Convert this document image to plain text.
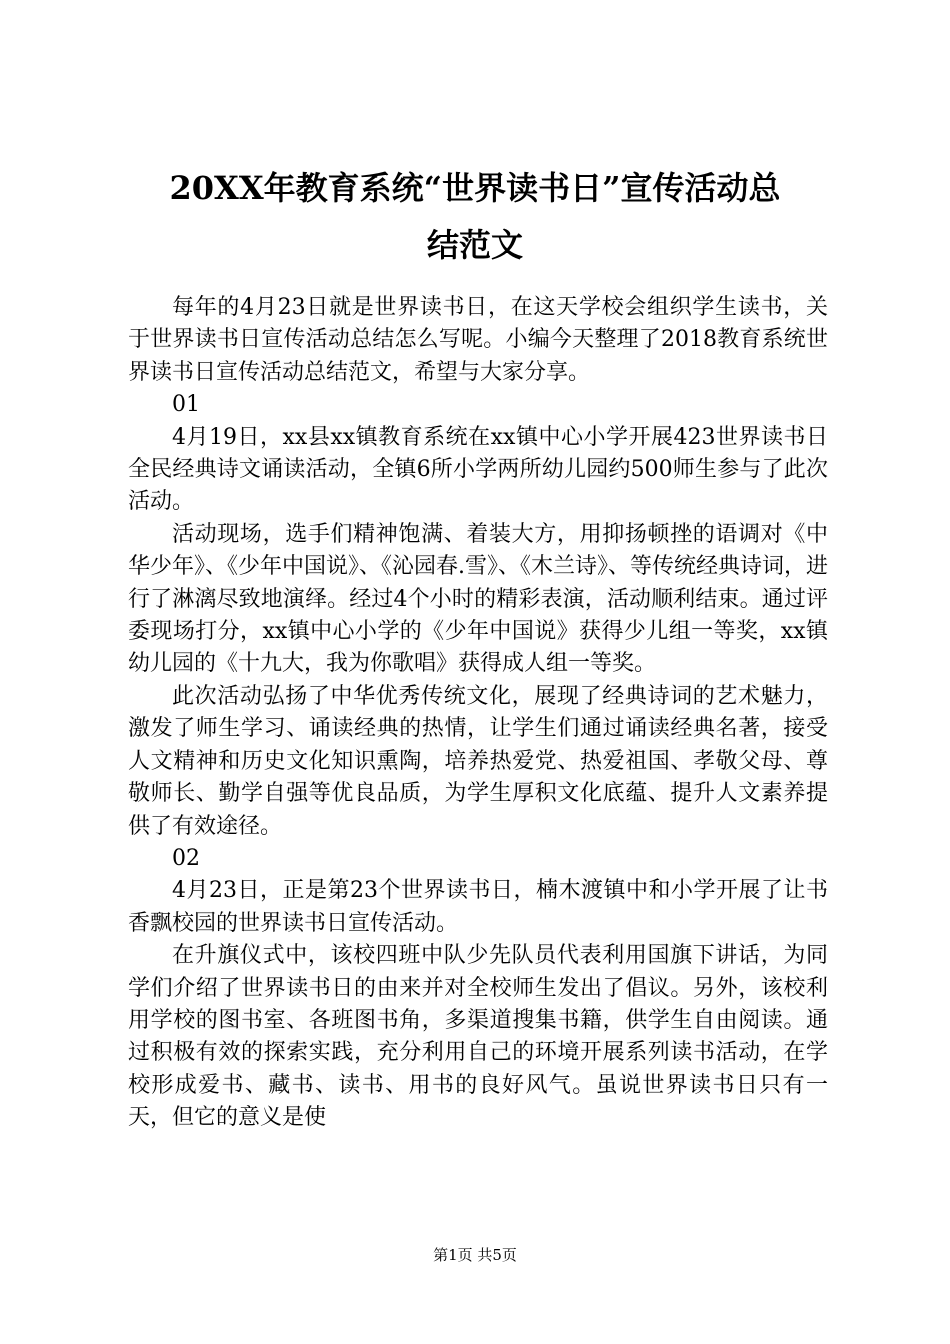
20XX年教育系统“世界读书日”宣传活动总
结范文

每年的4月23日就是世界读书日，在这天学校会组织学生读书，关于世界读书日宣传活动总结怎么写呢。小编今天整理了2018教育系统世界读书日宣传活动总结范文，希望与大家分享。

01

4月19日，xx县xx镇教育系统在xx镇中心小学开展423世界读书日全民经典诗文诵读活动，全镇6所小学两所幼儿园约500师生参与了此次活动。

活动现场，选手们精神饱满、着装大方，用抑扬顿挫的语调对《中华少年》、《少年中国说》、《沁园春.雪》、《木兰诗》、等传统经典诗词，进行了淋漓尽致地演绎。经过4个小时的精彩表演，活动顺利结束。通过评委现场打分，xx镇中心小学的《少年中国说》获得少儿组一等奖，xx镇幼儿园的《十九大，我为你歌唱》获得成人组一等奖。

此次活动弘扬了中华优秀传统文化，展现了经典诗词的艺术魅力，激发了师生学习、诵读经典的热情，让学生们通过诵读经典名著，接受人文精神和历史文化知识熏陶，培养热爱党、热爱祖国、孝敬父母、尊敬师长、勤学自强等优良品质，为学生厚积文化底蕴、提升人文素养提供了有效途径。

02

4月23日，正是第23个世界读书日，楠木渡镇中和小学开展了让书香飘校园的世界读书日宣传活动。

在升旗仪式中，该校四班中队少先队员代表利用国旗下讲话，为同学们介绍了世界读书日的由来并对全校师生发出了倡议。另外，该校利用学校的图书室、各班图书角，多渠道搜集书籍，供学生自由阅读。通过积极有效的探索实践，充分利用自己的环境开展系列读书活动，在学校形成爱书、藏书、读书、用书的良好风气。虽说世界读书日只有一天，但它的意义是使

第1页 共5页
